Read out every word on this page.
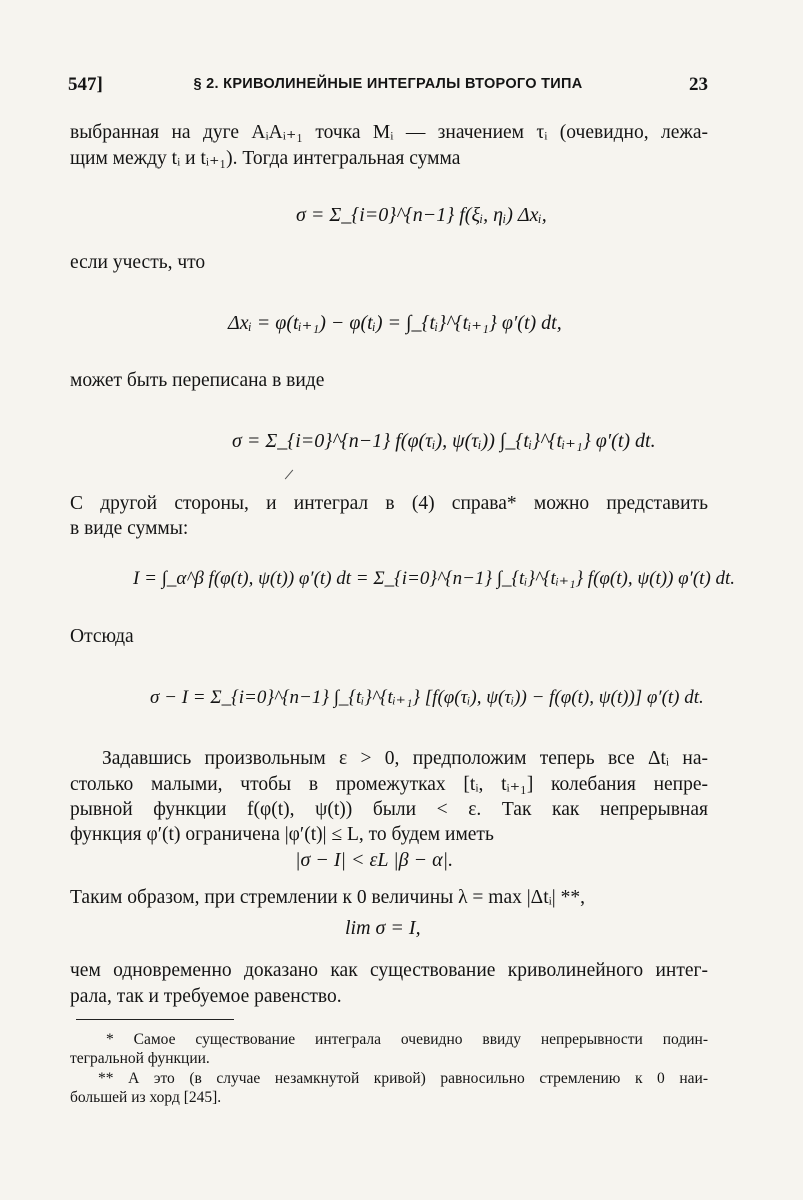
547]	§ 2. КРИВОЛИНЕЙНЫЕ ИНТЕГРАЛЫ ВТОРОГО ТИПА	23
выбранная на дуге AᵢAᵢ₊₁ точка Mᵢ — значением τᵢ (очевидно, лежа-
щим между tᵢ и tᵢ₊₁). Тогда интегральная сумма
σ = Σ_{i=0}^{n−1} f(ξᵢ, ηᵢ) Δxᵢ,
если учесть, что
Δxᵢ = φ(tᵢ₊₁) − φ(tᵢ) = ∫_{tᵢ}^{tᵢ₊₁} φ′(t) dt,
может быть переписана в виде
σ = Σ_{i=0}^{n−1} f(φ(τᵢ), ψ(τᵢ)) ∫_{tᵢ}^{tᵢ₊₁} φ′(t) dt.
С другой стороны, и интеграл в (4) справа* можно представить
в виде суммы:
I = ∫_α^β f(φ(t), ψ(t)) φ′(t) dt = Σ_{i=0}^{n−1} ∫_{tᵢ}^{tᵢ₊₁} f(φ(t), ψ(t)) φ′(t) dt.
Отсюда
σ − I = Σ_{i=0}^{n−1} ∫_{tᵢ}^{tᵢ₊₁} [f(φ(τᵢ), ψ(τᵢ)) − f(φ(t), ψ(t))] φ′(t) dt.
Задавшись произвольным ε > 0, предположим теперь все Δtᵢ на-
столько малыми, чтобы в промежутках [tᵢ, tᵢ₊₁] колебания непре-
рывной функции f(φ(t), ψ(t)) были < ε. Так как непрерывная
функция φ′(t) ограничена |φ′(t)| ≤ L, то будем иметь
|σ − I| < εL |β − α|.
Таким образом, при стремлении к 0 величины λ = max |Δtᵢ| **,
lim σ = I,
чем одновременно доказано как существование криволинейного интег-
рала, так и требуемое равенство.
* Самое существование интеграла очевидно ввиду непрерывности подин-
тегральной функции.
** А это (в случае незамкнутой кривой) равносильно стремлению к 0 наи-
большей из хорд [245].
